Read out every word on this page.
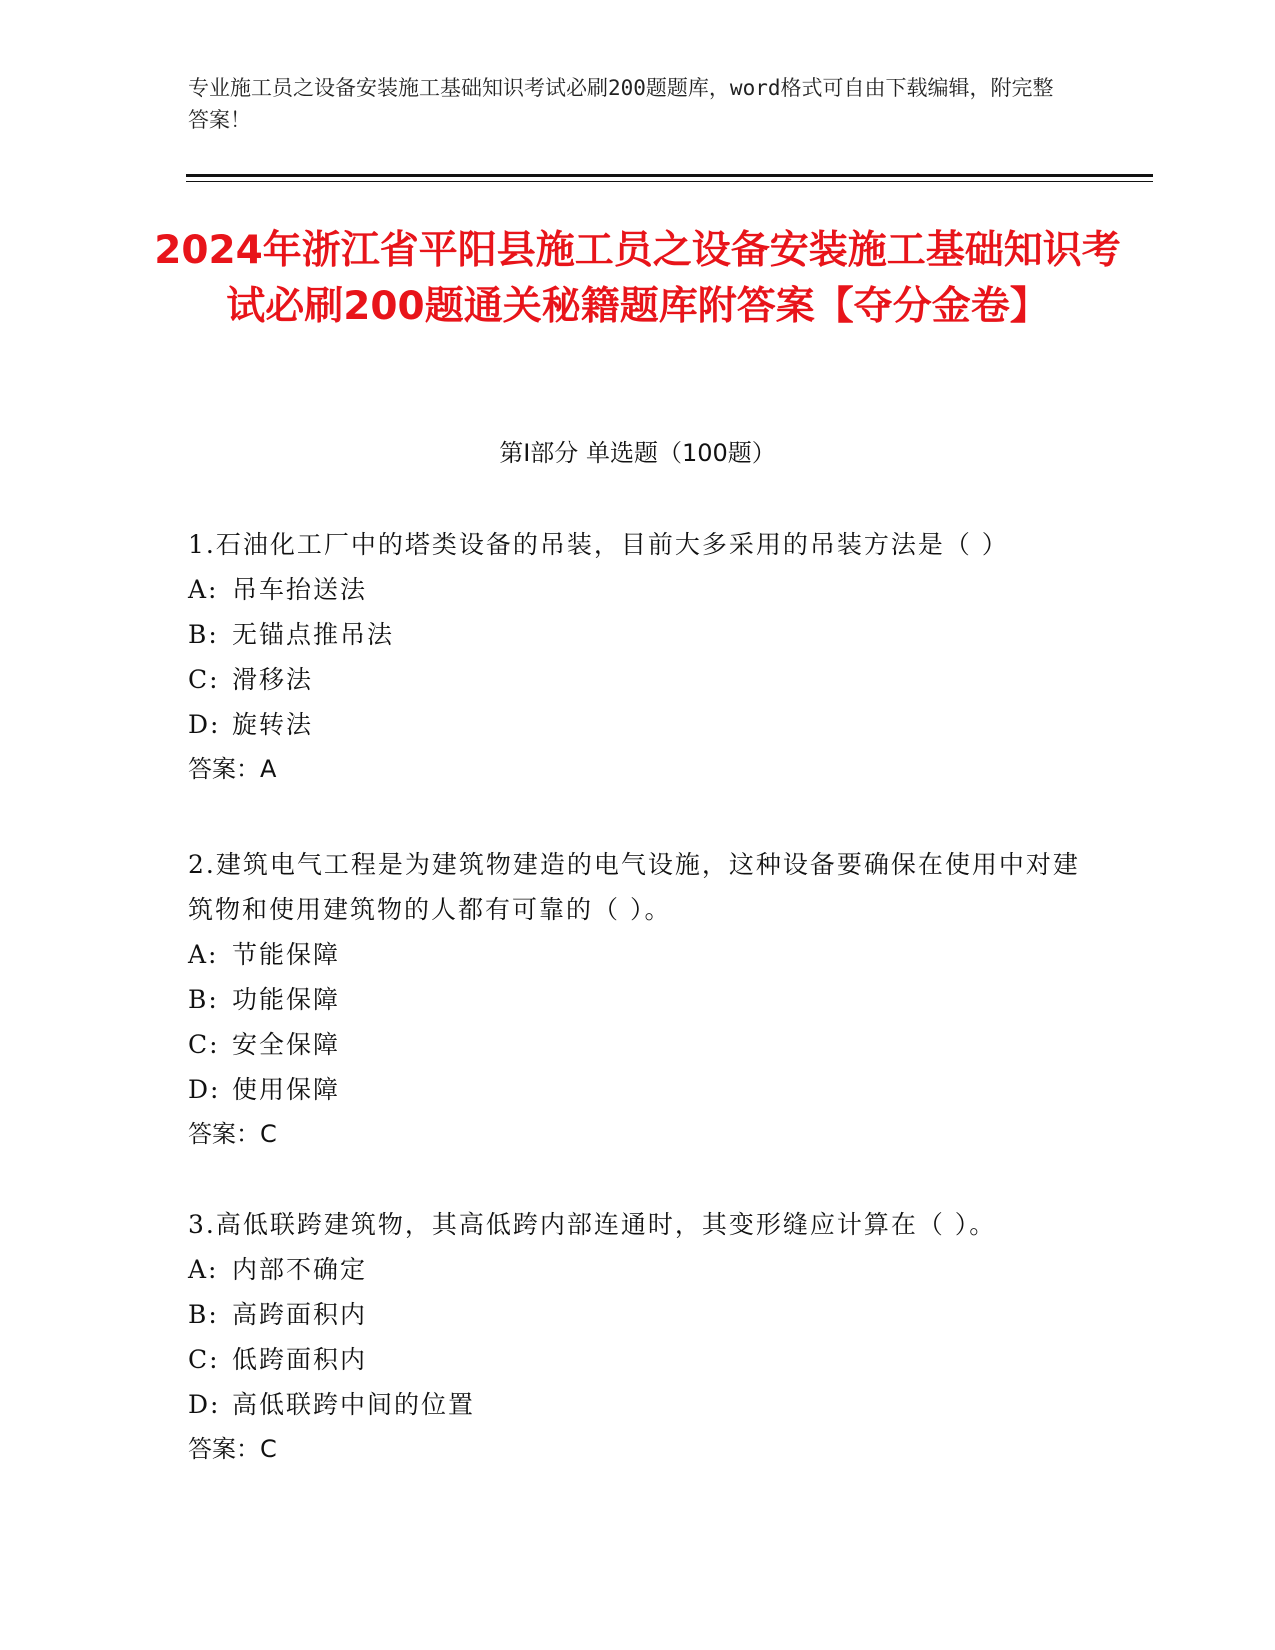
专业施工员之设备安装施工基础知识考试必刷200题题库，word格式可自由下载编辑，附完整答案！
2024年浙江省平阳县施工员之设备安装施工基础知识考试必刷200题通关秘籍题库附答案【夺分金卷】
第I部分 单选题（100题）

1.石油化工厂中的塔类设备的吊装，目前大多采用的吊装方法是（ ）

A: 吊车抬送法

B: 无锚点推吊法

C: 滑移法

D: 旋转法

答案：A

2.建筑电气工程是为建筑物建造的电气设施，这种设备要确保在使用中对建筑物和使用建筑物的人都有可靠的（ ）。

A: 节能保障

B: 功能保障

C: 安全保障

D: 使用保障

答案：C

3.高低联跨建筑物，其高低跨内部连通时，其变形缝应计算在（ ）。

A: 内部不确定

B: 高跨面积内

C: 低跨面积内

D: 高低联跨中间的位置

答案：C
